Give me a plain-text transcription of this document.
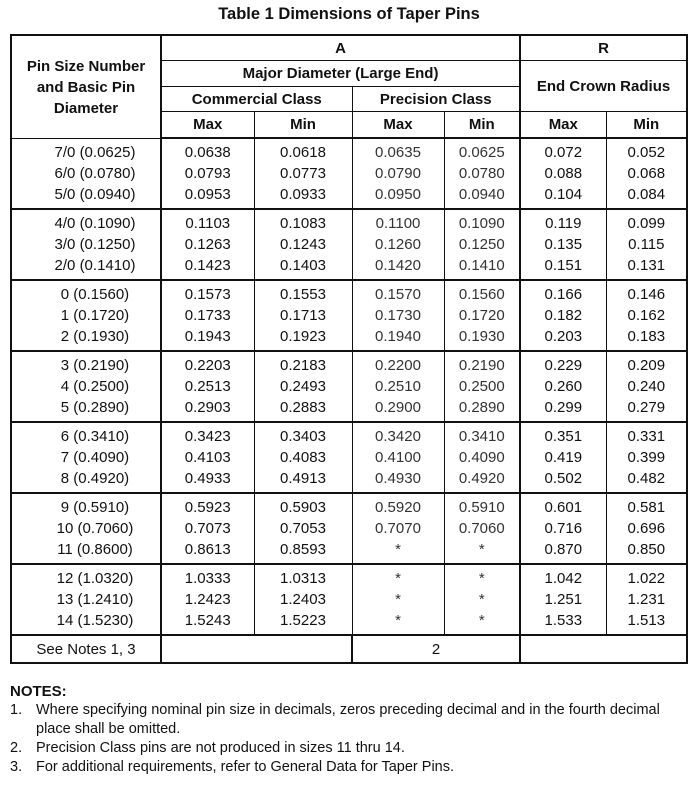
Table 1 Dimensions of Taper Pins
Pin Size Number and Basic Pin Diameter	A				R	
	Major Diameter (Large End)				End Crown Radius	
	Commercial Class		Precision Class			
	Max	Min	Max	Min	Max	Min
7/0 (0.0625)	0.0638	0.0618	0.0635	0.0625	0.072	0.052
6/0 (0.0780)	0.0793	0.0773	0.0790	0.0780	0.088	0.068
5/0 (0.0940)	0.0953	0.0933	0.0950	0.0940	0.104	0.084
4/0 (0.1090)	0.1103	0.1083	0.1100	0.1090	0.119	0.099
3/0 (0.1250)	0.1263	0.1243	0.1260	0.1250	0.135	0.115
2/0 (0.1410)	0.1423	0.1403	0.1420	0.1410	0.151	0.131
0 (0.1560)	0.1573	0.1553	0.1570	0.1560	0.166	0.146
1 (0.1720)	0.1733	0.1713	0.1730	0.1720	0.182	0.162
2 (0.1930)	0.1943	0.1923	0.1940	0.1930	0.203	0.183
3 (0.2190)	0.2203	0.2183	0.2200	0.2190	0.229	0.209
4 (0.2500)	0.2513	0.2493	0.2510	0.2500	0.260	0.240
5 (0.2890)	0.2903	0.2883	0.2900	0.2890	0.299	0.279
6 (0.3410)	0.3423	0.3403	0.3420	0.3410	0.351	0.331
7 (0.4090)	0.4103	0.4083	0.4100	0.4090	0.419	0.399
8 (0.4920)	0.4933	0.4913	0.4930	0.4920	0.502	0.482
9 (0.5910)	0.5923	0.5903	0.5920	0.5910	0.601	0.581
10 (0.7060)	0.7073	0.7053	0.7070	0.7060	0.716	0.696
11 (0.8600)	0.8613	0.8593	*	*	0.870	0.850
12 (1.0320)	1.0333	1.0313	*	*	1.042	1.022
13 (1.2410)	1.2423	1.2403	*	*	1.251	1.231
14 (1.5230)	1.5243	1.5223	*	*	1.533	1.513
See Notes 1, 3			2			
NOTES:
1. Where specifying nominal pin size in decimals, zeros preceding decimal and in the fourth decimal place shall be omitted.
2. Precision Class pins are not produced in sizes 11 thru 14.
3. For additional requirements, refer to General Data for Taper Pins.
